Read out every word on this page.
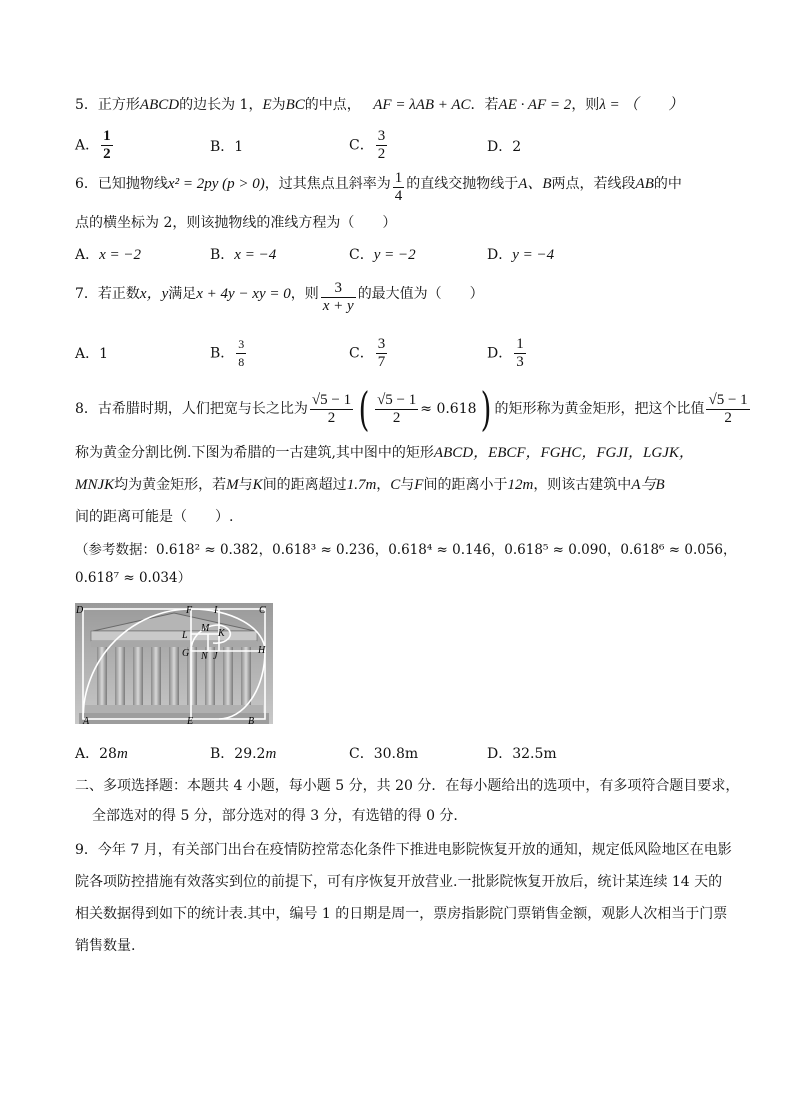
5．正方形ABCD的边长为 1，E为BC的中点， AF = λAB + AC．若AE · AF = 2，则λ = （　　）
A． $\frac{1}{2}$	B．1	C． $\frac{3}{2}$	D．2
6．已知抛物线x² = 2py (p > 0)，过其焦点且斜率为 $\frac{1}{4}$ 的直线交抛物线于A、B两点，若线段AB的中
点的横坐标为 2，则该抛物线的准线方程为（　　）
A．x = −2	B．x = −4	C．y = −2	D．y = −4
7．若正数x，y满足x + 4y − xy = 0，则 $\frac{3}{x + y}$ 的最大值为（　　）
A．1	B． $\frac{3}{8}$	C． $\frac{3}{7}$	D． $\frac{1}{3}$
8．古希腊时期，人们把宽与长之比为 $\frac{√5 - 1}{2}$ ( $\frac{√5 - 1}{2} \approx 0.618$) 的矩形称为黄金矩形，把这个比值 $\frac{√5 - 1}{2}$
称为黄金分割比例.下图为希腊的一古建筑,其中图中的矩形ABCD，EBCF，FGHC，FGJI，LGJK，
MNJK均为黄金矩形，若M与K间的距离超过1.7m，C与F间的距离小于12m，则该古建筑中A与B
间的距离可能是（　　）.
（参考数据：0.618² ≈ 0.382，0.618³ ≈ 0.236，0.618⁴ ≈ 0.146，0.618⁵ ≈ 0.090，0.618⁶ ≈ 0.056，
0.618⁷ ≈ 0.034）
D	F I	C
M
L	K
G N J
H
A	E	B
A．28m	B．29.2m	C．30.8m	D．32.5m
二、多项选择题：本题共 4 小题，每小题 5 分，共 20 分．在每小题给出的选项中，有多项符合题目要求，
全部选对的得 5 分，部分选对的得 3 分，有选错的得 0 分.
9．今年 7 月，有关部门出台在疫情防控常态化条件下推进电影院恢复开放的通知，规定低风险地区在电影
院各项防控措施有效落实到位的前提下，可有序恢复开放营业.一批影院恢复开放后，统计某连续 14 天的
相关数据得到如下的统计表.其中，编号 1 的日期是周一，票房指影院门票销售金额，观影人次相当于门票
销售数量.
